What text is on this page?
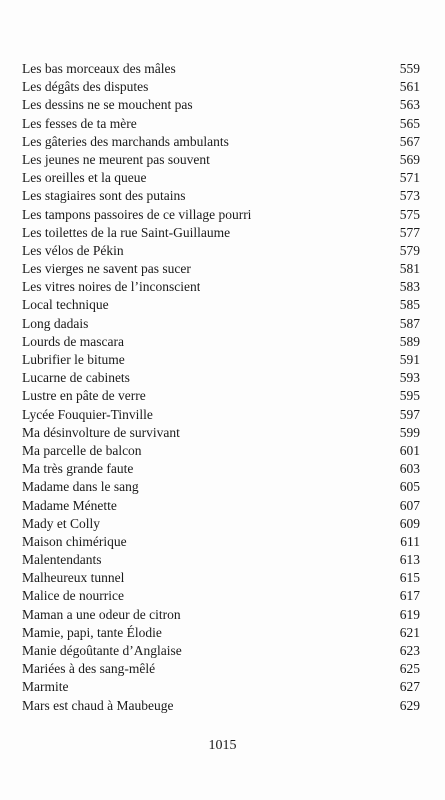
Les bas morceaux des mâles	559
Les dégâts des disputes	561
Les dessins ne se mouchent pas	563
Les fesses de ta mère	565
Les gâteries des marchands ambulants	567
Les jeunes ne meurent pas souvent	569
Les oreilles et la queue	571
Les stagiaires sont des putains	573
Les tampons passoires de ce village pourri	575
Les toilettes de la rue Saint-Guillaume	577
Les vélos de Pékin	579
Les vierges ne savent pas sucer	581
Les vitres noires de l’inconscient	583
Local technique	585
Long dadais	587
Lourds de mascara	589
Lubrifier le bitume	591
Lucarne de cabinets	593
Lustre en pâte de verre	595
Lycée Fouquier-Tinville	597
Ma désinvolture de survivant	599
Ma parcelle de balcon	601
Ma très grande faute	603
Madame dans le sang	605
Madame Ménette	607
Mady et Colly	609
Maison chimérique	611
Malentendants	613
Malheureux tunnel	615
Malice de nourrice	617
Maman a une odeur de citron	619
Mamie, papi, tante Élodie	621
Manie dégoûtante d’Anglaise	623
Mariées à des sang-mêlé	625
Marmite	627
Mars est chaud à Maubeuge	629
1015
